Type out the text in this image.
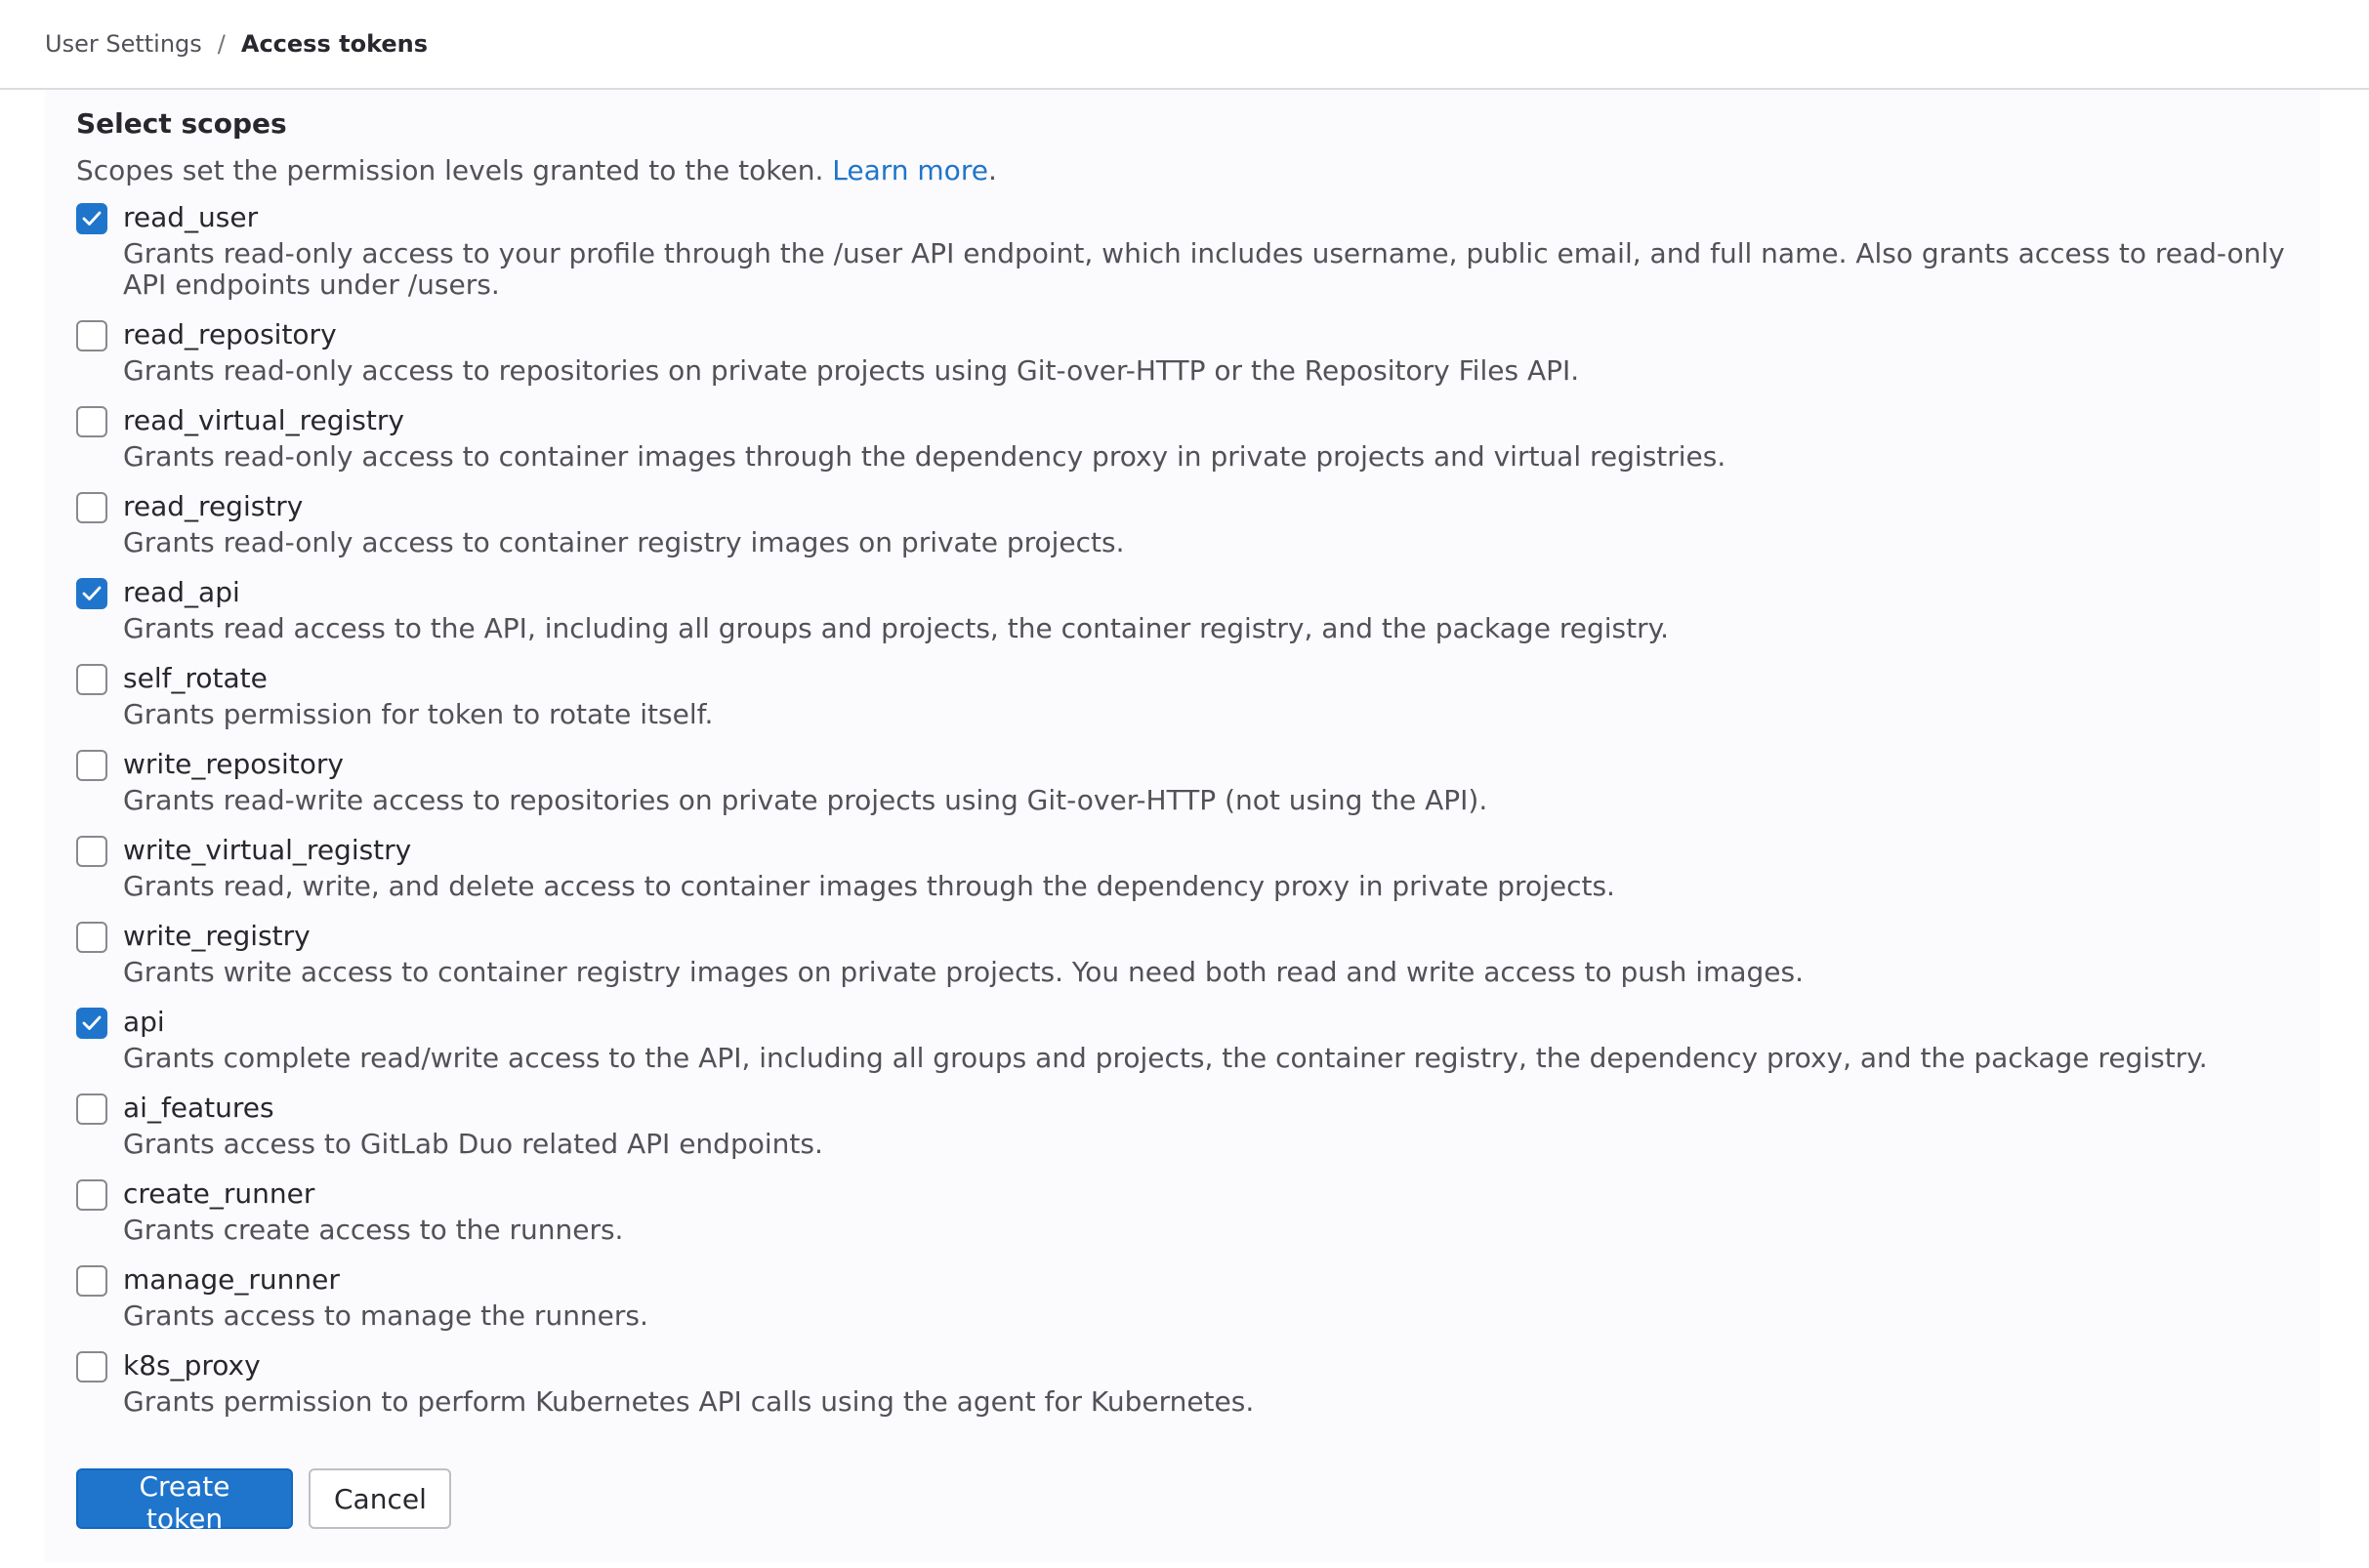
User Settings / Access tokens
Select scopes
Scopes set the permission levels granted to the token. Learn more.
read_user
Grants read-only access to your profile through the /user API endpoint, which includes username, public email, and full name. Also grants access to read-only API endpoints under /users.
read_repository
Grants read-only access to repositories on private projects using Git-over-HTTP or the Repository Files API.
read_virtual_registry
Grants read-only access to container images through the dependency proxy in private projects and virtual registries.
read_registry
Grants read-only access to container registry images on private projects.
read_api
Grants read access to the API, including all groups and projects, the container registry, and the package registry.
self_rotate
Grants permission for token to rotate itself.
write_repository
Grants read-write access to repositories on private projects using Git-over-HTTP (not using the API).
write_virtual_registry
Grants read, write, and delete access to container images through the dependency proxy in private projects.
write_registry
Grants write access to container registry images on private projects. You need both read and write access to push images.
api
Grants complete read/write access to the API, including all groups and projects, the container registry, the dependency proxy, and the package registry.
ai_features
Grants access to GitLab Duo related API endpoints.
create_runner
Grants create access to the runners.
manage_runner
Grants access to manage the runners.
k8s_proxy
Grants permission to perform Kubernetes API calls using the agent for Kubernetes.
Create token
Cancel
